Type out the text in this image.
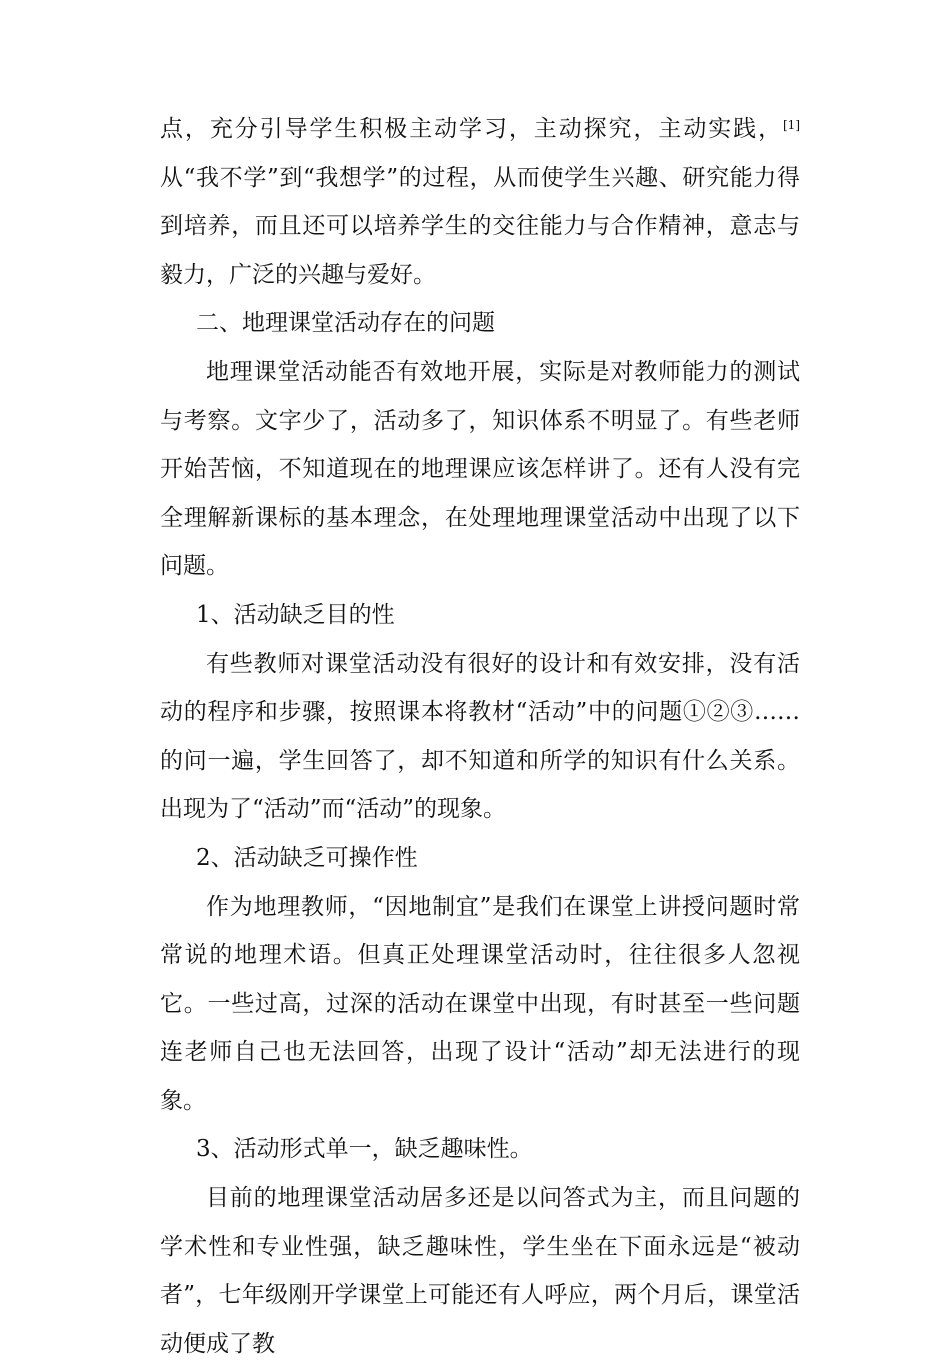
点，充分引导学生积极主动学习，主动探究，主动实践，[1]从“我不学”到“我想学”的过程，从而使学生兴趣、研究能力得到培养，而且还可以培养学生的交往能力与合作精神，意志与毅力，广泛的兴趣与爱好。

二、地理课堂活动存在的问题

地理课堂活动能否有效地开展，实际是对教师能力的测试与考察。文字少了，活动多了，知识体系不明显了。有些老师开始苦恼，不知道现在的地理课应该怎样讲了。还有人没有完全理解新课标的基本理念，在处理地理课堂活动中出现了以下问题。

1、活动缺乏目的性

有些教师对课堂活动没有很好的设计和有效安排，没有活动的程序和步骤，按照课本将教材“活动”中的问题①②③……的问一遍，学生回答了，却不知道和所学的知识有什么关系。出现为了“活动”而“活动”的现象。

2、活动缺乏可操作性

作为地理教师，“因地制宜”是我们在课堂上讲授问题时常常说的地理术语。但真正处理课堂活动时，往往很多人忽视它。一些过高，过深的活动在课堂中出现，有时甚至一些问题连老师自己也无法回答，出现了设计“活动”却无法进行的现象。

3、活动形式单一，缺乏趣味性。

目前的地理课堂活动居多还是以问答式为主，而且问题的学术性和专业性强，缺乏趣味性，学生坐在下面永远是“被动者”，七年级刚开学课堂上可能还有人呼应，两个月后，课堂活动便成了教
